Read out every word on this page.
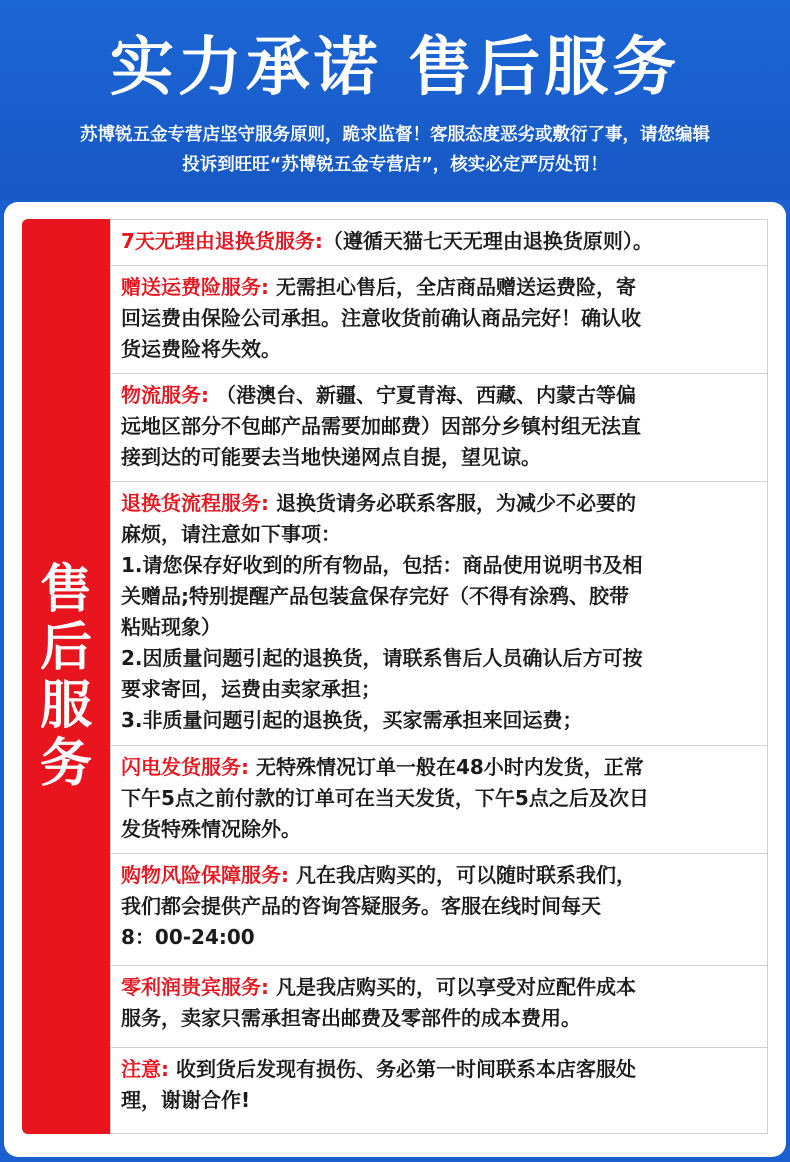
实力承诺 售后服务
苏博锐五金专营店坚守服务原则，跪求监督！客服态度恶劣或敷衍了事，请您编辑
投诉到旺旺“苏博锐五金专营店”，核实必定严厉处罚！
售
后
服
务
7天无理由退换货服务:（遵循天猫七天无理由退换货原则）。
赠送运费险服务: 无需担心售后，全店商品赠送运费险，寄
回运费由保险公司承担。注意收货前确认商品完好！确认收
货运费险将失效。
物流服务: （港澳台、新疆、宁夏青海、西藏、内蒙古等偏
远地区部分不包邮产品需要加邮费）因部分乡镇村组无法直
接到达的可能要去当地快递网点自提，望见谅。
退换货流程服务: 退换货请务必联系客服，为减少不必要的
麻烦，请注意如下事项：
1.请您保存好收到的所有物品，包括：商品使用说明书及相
关赠品;特别提醒产品包装盒保存完好（不得有涂鸦、胶带
粘贴现象）
2.因质量问题引起的退换货，请联系售后人员确认后方可按
要求寄回，运费由卖家承担；
3.非质量问题引起的退换货，买家需承担来回运费；
闪电发货服务: 无特殊情况订单一般在48小时内发货，正常
下午5点之前付款的订单可在当天发货，下午5点之后及次日
发货特殊情况除外。
购物风险保障服务: 凡在我店购买的，可以随时联系我们，
我们都会提供产品的咨询答疑服务。客服在线时间每天
8：00-24:00
零利润贵宾服务: 凡是我店购买的，可以享受对应配件成本
服务，卖家只需承担寄出邮费及零部件的成本费用。
注意: 收到货后发现有损伤、务必第一时间联系本店客服处
理，谢谢合作!
